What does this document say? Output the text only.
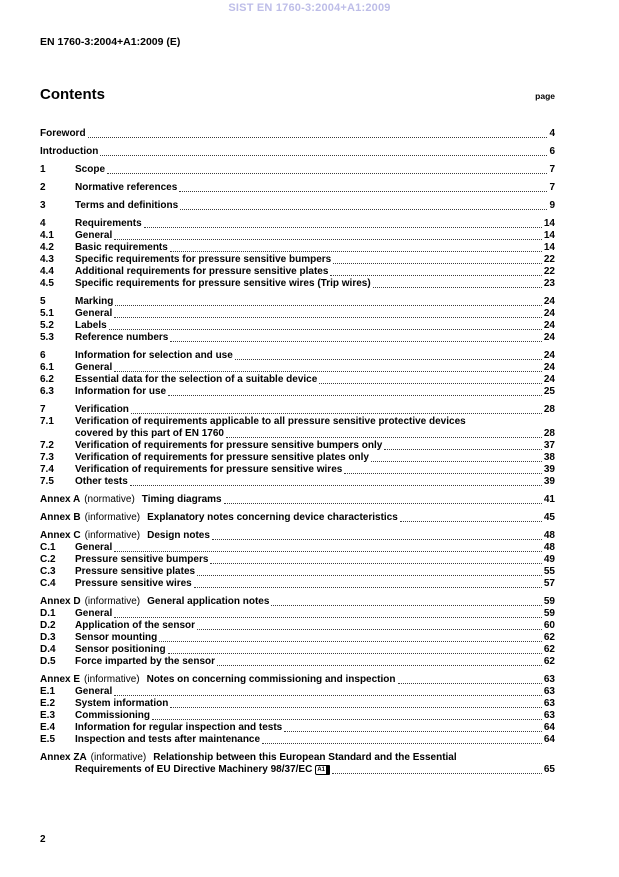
SIST EN 1760-3:2004+A1:2009
EN 1760-3:2004+A1:2009 (E)
Contents	page
Foreword	4
Introduction	6
1	Scope	7
2	Normative references	7
3	Terms and definitions	9
4	Requirements	14
4.1	General	14
4.2	Basic requirements	14
4.3	Specific requirements for pressure sensitive bumpers	22
4.4	Additional requirements for pressure sensitive plates	22
4.5	Specific requirements for pressure sensitive wires (Trip wires)	23
5	Marking	24
5.1	General	24
5.2	Labels	24
5.3	Reference numbers	24
6	Information for selection and use	24
6.1	General	24
6.2	Essential data for the selection of a suitable device	24
6.3	Information for use	25
7	Verification	28
7.1	Verification of requirements applicable to all pressure sensitive protective devices
covered by this part of EN 1760	28
7.2	Verification of requirements for pressure sensitive bumpers only	37
7.3	Verification of requirements for pressure sensitive plates only	38
7.4	Verification of requirements for pressure sensitive wires	39
7.5	Other tests	39
Annex A (normative) Timing diagrams	41
Annex B (informative) Explanatory notes concerning device characteristics	45
Annex C (informative) Design notes	48
C.1	General	48
C.2	Pressure sensitive bumpers	49
C.3	Pressure sensitive plates	55
C.4	Pressure sensitive wires	57
Annex D (informative) General application notes	59
D.1	General	59
D.2	Application of the sensor	60
D.3	Sensor mounting	62
D.4	Sensor positioning	62
D.5	Force imparted by the sensor	62
Annex E (informative) Notes on concerning commissioning and inspection	63
E.1	General	63
E.2	System information	63
E.3	Commissioning	63
E.4	Information for regular inspection and tests	64
E.5	Inspection and tests after maintenance	64
Annex ZA (informative) Relationship between this European Standard and the Essential
Requirements of EU Directive Machinery 98/37/EC A1	65
2
